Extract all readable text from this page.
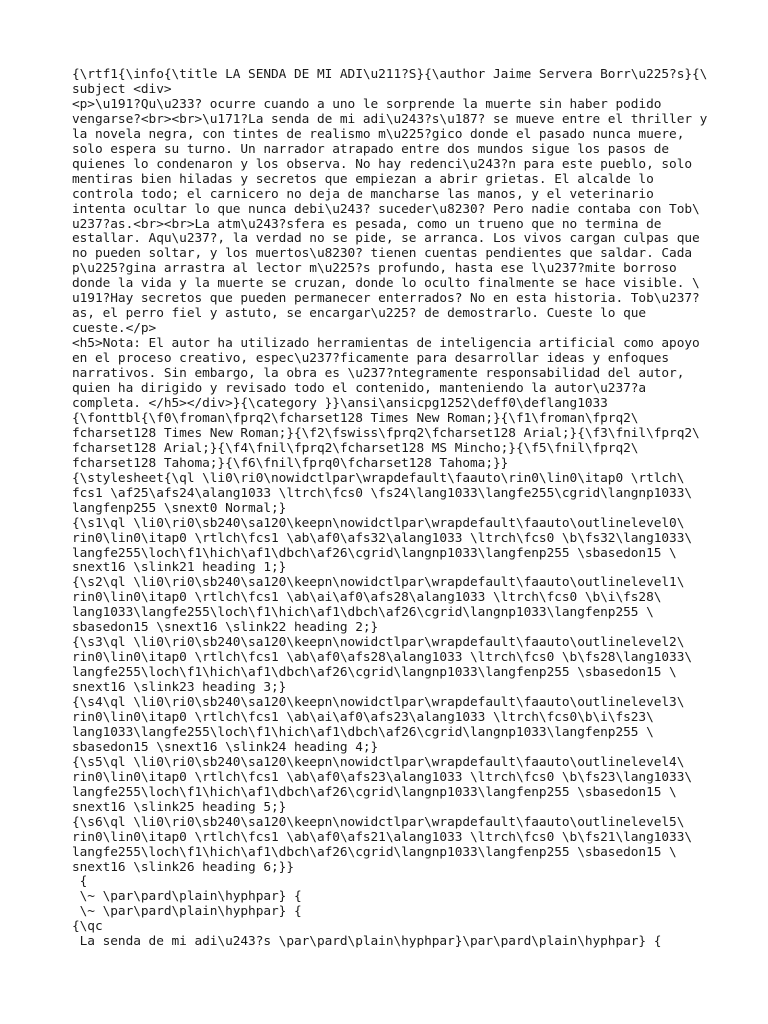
{\rtf1{\info{\title LA SENDA DE MI ADI\u211?S}{\author Jaime Servera Borr\u225?s}{\
subject <div>
<p>\u191?Qu\u233? ocurre cuando a uno le sorprende la muerte sin haber podido
vengarse?<br><br>\u171?La senda de mi adi\u243?s\u187? se mueve entre el thriller y
la novela negra, con tintes de realismo m\u225?gico donde el pasado nunca muere,
solo espera su turno. Un narrador atrapado entre dos mundos sigue los pasos de
quienes lo condenaron y los observa. No hay redenci\u243?n para este pueblo, solo
mentiras bien hiladas y secretos que empiezan a abrir grietas. El alcalde lo
controla todo; el carnicero no deja de mancharse las manos, y el veterinario
intenta ocultar lo que nunca debi\u243? suceder\u8230? Pero nadie contaba con Tob\
u237?as.<br><br>La atm\u243?sfera es pesada, como un trueno que no termina de
estallar. Aqu\u237?, la verdad no se pide, se arranca. Los vivos cargan culpas que
no pueden soltar, y los muertos\u8230? tienen cuentas pendientes que saldar. Cada
p\u225?gina arrastra al lector m\u225?s profundo, hasta ese l\u237?mite borroso
donde la vida y la muerte se cruzan, donde lo oculto finalmente se hace visible. \
u191?Hay secretos que pueden permanecer enterrados? No en esta historia. Tob\u237?
as, el perro fiel y astuto, se encargar\u225? de demostrarlo. Cueste lo que
cueste.</p>
<h5>Nota: El autor ha utilizado herramientas de inteligencia artificial como apoyo
en el proceso creativo, espec\u237?ficamente para desarrollar ideas y enfoques
narrativos. Sin embargo, la obra es \u237?ntegramente responsabilidad del autor,
quien ha dirigido y revisado todo el contenido, manteniendo la autor\u237?a
completa. </h5></div>}{\category }}\ansi\ansicpg1252\deff0\deflang1033
{\fonttbl{\f0\froman\fprq2\fcharset128 Times New Roman;}{\f1\froman\fprq2\
fcharset128 Times New Roman;}{\f2\fswiss\fprq2\fcharset128 Arial;}{\f3\fnil\fprq2\
fcharset128 Arial;}{\f4\fnil\fprq2\fcharset128 MS Mincho;}{\f5\fnil\fprq2\
fcharset128 Tahoma;}{\f6\fnil\fprq0\fcharset128 Tahoma;}}
{\stylesheet{\ql \li0\ri0\nowidctlpar\wrapdefault\faauto\rin0\lin0\itap0 \rtlch\
fcs1 \af25\afs24\alang1033 \ltrch\fcs0 \fs24\lang1033\langfe255\cgrid\langnp1033\
langfenp255 \snext0 Normal;}
{\s1\ql \li0\ri0\sb240\sa120\keepn\nowidctlpar\wrapdefault\faauto\outlinelevel0\
rin0\lin0\itap0 \rtlch\fcs1 \ab\af0\afs32\alang1033 \ltrch\fcs0 \b\fs32\lang1033\
langfe255\loch\f1\hich\af1\dbch\af26\cgrid\langnp1033\langfenp255 \sbasedon15 \
snext16 \slink21 heading 1;}
{\s2\ql \li0\ri0\sb240\sa120\keepn\nowidctlpar\wrapdefault\faauto\outlinelevel1\
rin0\lin0\itap0 \rtlch\fcs1 \ab\ai\af0\afs28\alang1033 \ltrch\fcs0 \b\i\fs28\
lang1033\langfe255\loch\f1\hich\af1\dbch\af26\cgrid\langnp1033\langfenp255 \
sbasedon15 \snext16 \slink22 heading 2;}
{\s3\ql \li0\ri0\sb240\sa120\keepn\nowidctlpar\wrapdefault\faauto\outlinelevel2\
rin0\lin0\itap0 \rtlch\fcs1 \ab\af0\afs28\alang1033 \ltrch\fcs0 \b\fs28\lang1033\
langfe255\loch\f1\hich\af1\dbch\af26\cgrid\langnp1033\langfenp255 \sbasedon15 \
snext16 \slink23 heading 3;}
{\s4\ql \li0\ri0\sb240\sa120\keepn\nowidctlpar\wrapdefault\faauto\outlinelevel3\
rin0\lin0\itap0 \rtlch\fcs1 \ab\ai\af0\afs23\alang1033 \ltrch\fcs0\b\i\fs23\
lang1033\langfe255\loch\f1\hich\af1\dbch\af26\cgrid\langnp1033\langfenp255 \
sbasedon15 \snext16 \slink24 heading 4;}
{\s5\ql \li0\ri0\sb240\sa120\keepn\nowidctlpar\wrapdefault\faauto\outlinelevel4\
rin0\lin0\itap0 \rtlch\fcs1 \ab\af0\afs23\alang1033 \ltrch\fcs0 \b\fs23\lang1033\
langfe255\loch\f1\hich\af1\dbch\af26\cgrid\langnp1033\langfenp255 \sbasedon15 \
snext16 \slink25 heading 5;}
{\s6\ql \li0\ri0\sb240\sa120\keepn\nowidctlpar\wrapdefault\faauto\outlinelevel5\
rin0\lin0\itap0 \rtlch\fcs1 \ab\af0\afs21\alang1033 \ltrch\fcs0 \b\fs21\lang1033\
langfe255\loch\f1\hich\af1\dbch\af26\cgrid\langnp1033\langfenp255 \sbasedon15 \
snext16 \slink26 heading 6;}}
{
\~ \par\pard\plain\hyphpar} {
\~ \par\pard\plain\hyphpar} {
{\qc
La senda de mi adi\u243?s \par\pard\plain\hyphpar}\par\pard\plain\hyphpar} {
